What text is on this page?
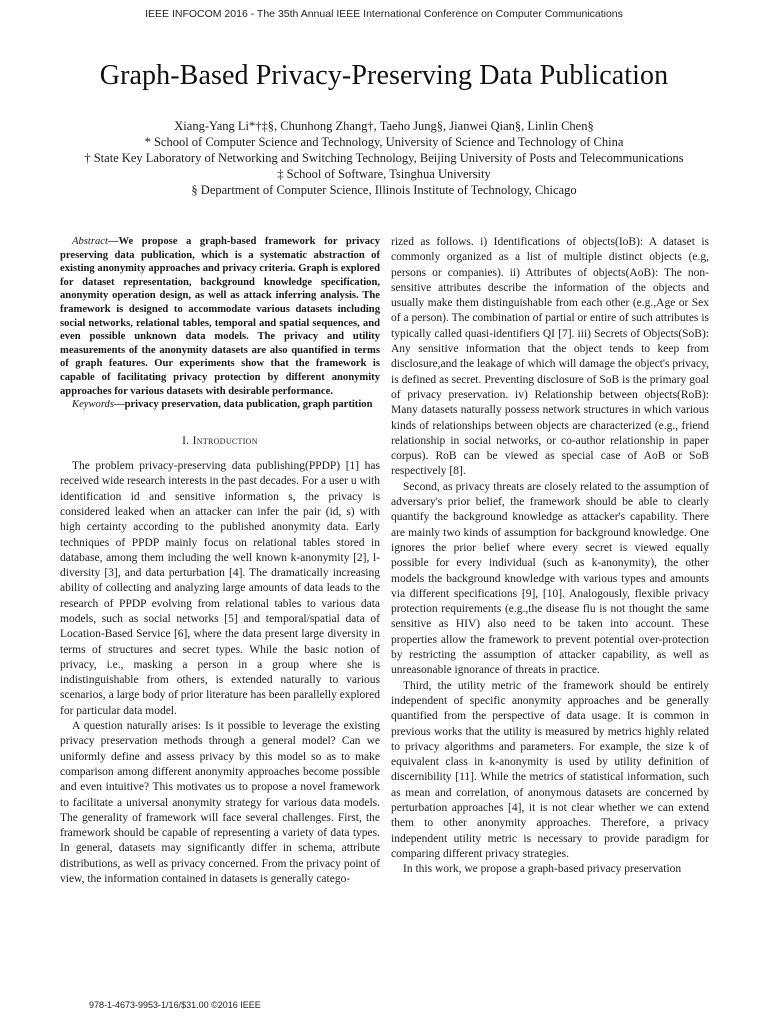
IEEE INFOCOM 2016 - The 35th Annual IEEE International Conference on Computer Communications
Graph-Based Privacy-Preserving Data Publication
Xiang-Yang Li*†‡§, Chunhong Zhang†, Taeho Jung§, Jianwei Qian§, Linlin Chen§
* School of Computer Science and Technology, University of Science and Technology of China
† State Key Laboratory of Networking and Switching Technology, Beijing University of Posts and Telecommunications
‡ School of Software, Tsinghua University
§ Department of Computer Science, Illinois Institute of Technology, Chicago

Abstract—We propose a graph-based framework for privacy preserving data publication, which is a systematic abstraction of existing anonymity approaches and privacy criteria. Graph is explored for dataset representation, background knowledge specification, anonymity operation design, as well as attack inferring analysis. The framework is designed to accommodate various datasets including social networks, relational tables, temporal and spatial sequences, and even possible unknown data models. The privacy and utility measurements of the anonymity datasets are also quantified in terms of graph features. Our experiments show that the framework is capable of facilitating privacy protection by different anonymity approaches for various datasets with desirable performance.

Keywords—privacy preservation, data publication, graph partition

I. Introduction

The problem privacy-preserving data publishing(PPDP) [1] has received wide research interests in the past decades. For a user u with identification id and sensitive information s, the privacy is considered leaked when an attacker can infer the pair (id, s) with high certainty according to the published anonymity data. Early techniques of PPDP mainly focus on relational tables stored in database, among them including the well known k-anonymity [2], l-diversity [3], and data perturbation [4]. The dramatically increasing ability of collecting and analyzing large amounts of data leads to the research of PPDP evolving from relational tables to various data models, such as social networks [5] and temporal/spatial data of Location-Based Service [6], where the data present large diversity in terms of structures and secret types. While the basic notion of privacy, i.e., masking a person in a group where she is indistinguishable from others, is extended naturally to various scenarios, a large body of prior literature has been parallelly explored for particular data model.

A question naturally arises: Is it possible to leverage the existing privacy preservation methods through a general model? Can we uniformly define and assess privacy by this model so as to make comparison among different anonymity approaches become possible and even intuitive? This motivates us to propose a novel framework to facilitate a universal anonymity strategy for various data models. The generality of framework will face several challenges. First, the framework should be capable of representing a variety of data types. In general, datasets may significantly differ in schema, attribute distributions, as well as privacy concerned. From the privacy point of view, the information contained in datasets is generally catego-

rized as follows. i) Identifications of objects(IoB): A dataset is commonly organized as a list of multiple distinct objects (e.g, persons or companies). ii) Attributes of objects(AoB): The non-sensitive attributes describe the information of the objects and usually make them distinguishable from each other (e.g.,Age or Sex of a person). The combination of partial or entire of such attributes is typically called quasi-identifiers QI [7]. iii) Secrets of Objects(SoB): Any sensitive information that the object tends to keep from disclosure,and the leakage of which will damage the object's privacy, is defined as secret. Preventing disclosure of SoB is the primary goal of privacy preservation. iv) Relationship between objects(RoB): Many datasets naturally possess network structures in which various kinds of relationships between objects are characterized (e.g., friend relationship in social networks, or co-author relationship in paper corpus). RoB can be viewed as special case of AoB or SoB respectively [8].

Second, as privacy threats are closely related to the assumption of adversary's prior belief, the framework should be able to clearly quantify the background knowledge as attacker's capability. There are mainly two kinds of assumption for background knowledge. One ignores the prior belief where every secret is viewed equally possible for every individual (such as k-anonymity), the other models the background knowledge with various types and amounts via different specifications [9], [10]. Analogously, flexible privacy protection requirements (e.g.,the disease flu is not thought the same sensitive as HIV) also need to be taken into account. These properties allow the framework to prevent potential over-protection by restricting the assumption of attacker capability, as well as unreasonable ignorance of threats in practice.

Third, the utility metric of the framework should be entirely independent of specific anonymity approaches and be generally quantified from the perspective of data usage. It is common in previous works that the utility is measured by metrics highly related to privacy algorithms and parameters. For example, the size k of equivalent class in k-anonymity is used by utility definition of discernibility [11]. While the metrics of statistical information, such as mean and correlation, of anonymous datasets are concerned by perturbation approaches [4], it is not clear whether we can extend them to other anonymity approaches. Therefore, a privacy independent utility metric is necessary to provide paradigm for comparing different privacy strategies.

In this work, we propose a graph-based privacy preservation

978-1-4673-9953-1/16/$31.00 ©2016 IEEE
